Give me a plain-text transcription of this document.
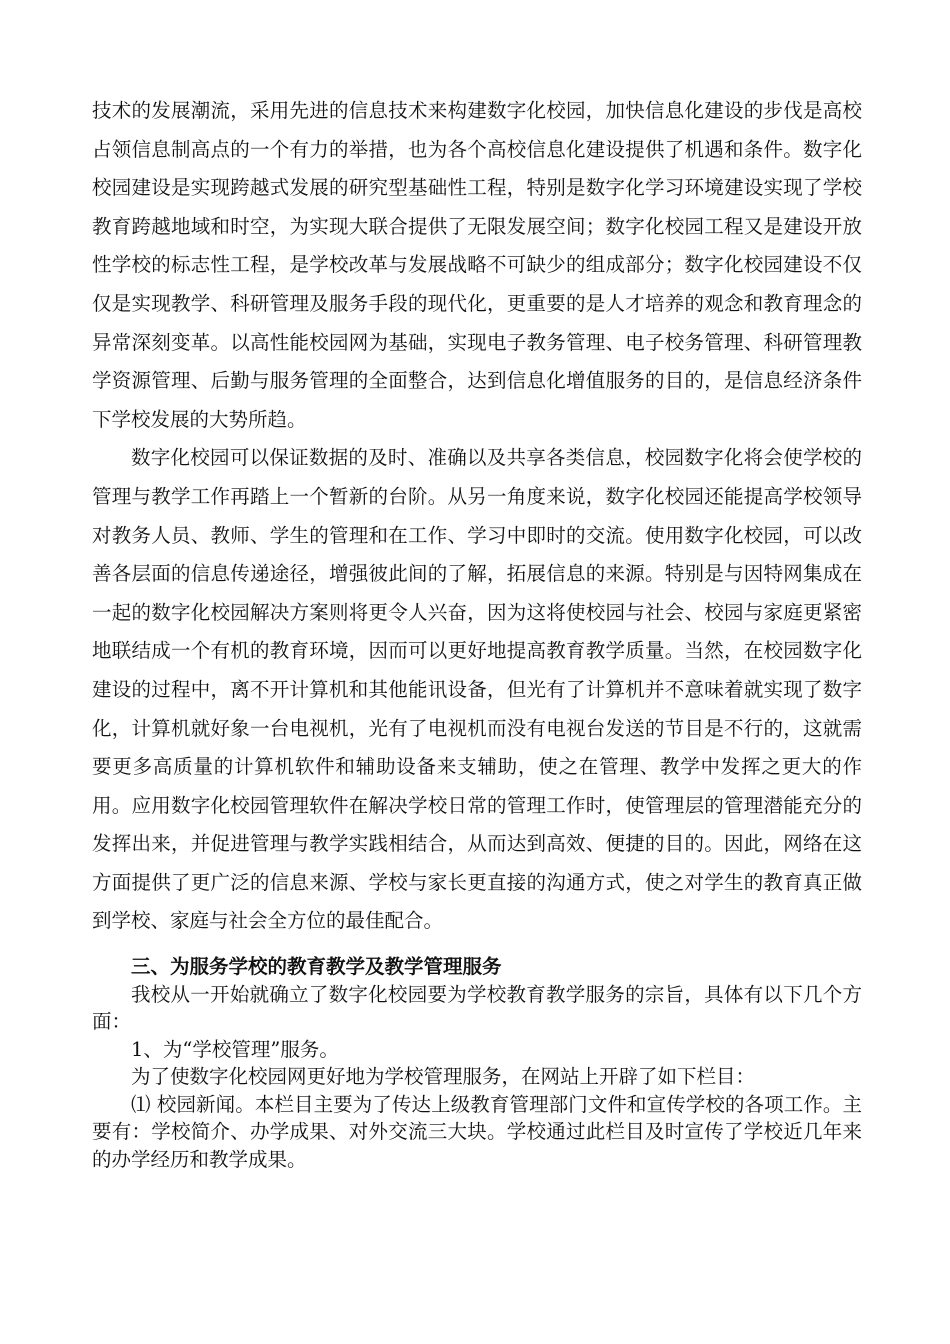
技术的发展潮流，采用先进的信息技术来构建数字化校园，加快信息化建设的步伐是高校占领信息制高点的一个有力的举措，也为各个高校信息化建设提供了机遇和条件。数字化校园建设是实现跨越式发展的研究型基础性工程，特别是数字化学习环境建设实现了学校教育跨越地域和时空，为实现大联合提供了无限发展空间；数字化校园工程又是建设开放性学校的标志性工程，是学校改革与发展战略不可缺少的组成部分；数字化校园建设不仅仅是实现教学、科研管理及服务手段的现代化，更重要的是人才培养的观念和教育理念的异常深刻变革。以高性能校园网为基础，实现电子教务管理、电子校务管理、科研管理教学资源管理、后勤与服务管理的全面整合，达到信息化增值服务的目的，是信息经济条件下学校发展的大势所趋。

数字化校园可以保证数据的及时、准确以及共享各类信息，校园数字化将会使学校的管理与教学工作再踏上一个暂新的台阶。从另一角度来说，数字化校园还能提高学校领导对教务人员、教师、学生的管理和在工作、学习中即时的交流。使用数字化校园，可以改善各层面的信息传递途径，增强彼此间的了解，拓展信息的来源。特别是与因特网集成在一起的数字化校园解决方案则将更令人兴奋，因为这将使校园与社会、校园与家庭更紧密地联结成一个有机的教育环境，因而可以更好地提高教育教学质量。当然，在校园数字化建设的过程中，离不开计算机和其他能讯设备，但光有了计算机并不意味着就实现了数字化，计算机就好象一台电视机，光有了电视机而没有电视台发送的节目是不行的，这就需要更多高质量的计算机软件和辅助设备来支辅助，使之在管理、教学中发挥之更大的作用。应用数字化校园管理软件在解决学校日常的管理工作时，使管理层的管理潜能充分的发挥出来，并促进管理与教学实践相结合，从而达到高效、便捷的目的。因此，网络在这方面提供了更广泛的信息来源、学校与家长更直接的沟通方式，使之对学生的教育真正做到学校、家庭与社会全方位的最佳配合。

三、为服务学校的教育教学及教学管理服务

我校从一开始就确立了数字化校园要为学校教育教学服务的宗旨，具体有以下几个方面：

1、为“学校管理”服务。

为了使数字化校园网更好地为学校管理服务，在网站上开辟了如下栏目：

⑴ 校园新闻。本栏目主要为了传达上级教育管理部门文件和宣传学校的各项工作。主要有：学校简介、办学成果、对外交流三大块。学校通过此栏目及时宣传了学校近几年来的办学经历和教学成果。
